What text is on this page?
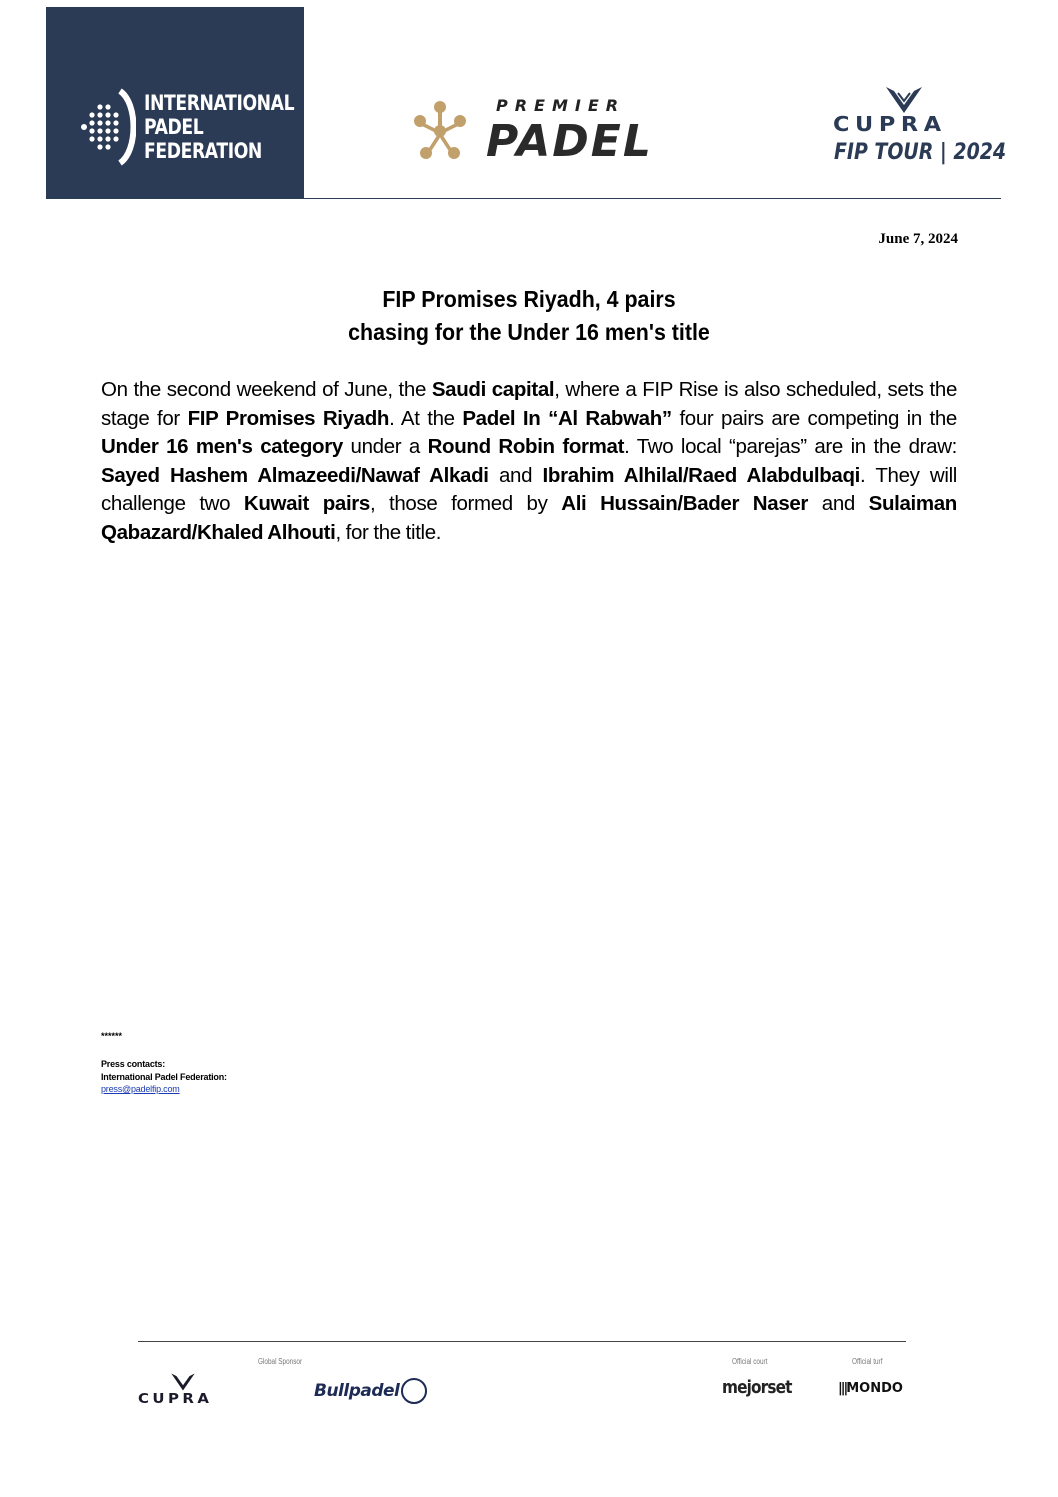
INTERNATIONAL
PADEL
FEDERATION
PREMIER
PADEL	CUPRA
FIP TOUR | 2024
June 7, 2024
FIP Promises Riyadh, 4 pairs
chasing for the Under 16 men's title
On the second weekend of June, the Saudi capital, where a FIP Rise is also scheduled, sets the stage for FIP Promises Riyadh. At the Padel In “Al Rabwah” four pairs are competing in the Under 16 men's category under a Round Robin format. Two local “parejas” are in the draw: Sayed Hashem Almazeedi/Nawaf Alkadi and Ibrahim Alhilal/Raed Alabdulbaqi. They will challenge two Kuwait pairs, those formed by Ali Hussain/Bader Naser and Sulaiman Qabazard/Khaled Alhouti, for the title.
******
Press contacts:
International Padel Federation:
press@padelfip.com
Global Sponsor	Official court	Official turf
CUPRA	Bullpadel	mejorset	|||MONDO
